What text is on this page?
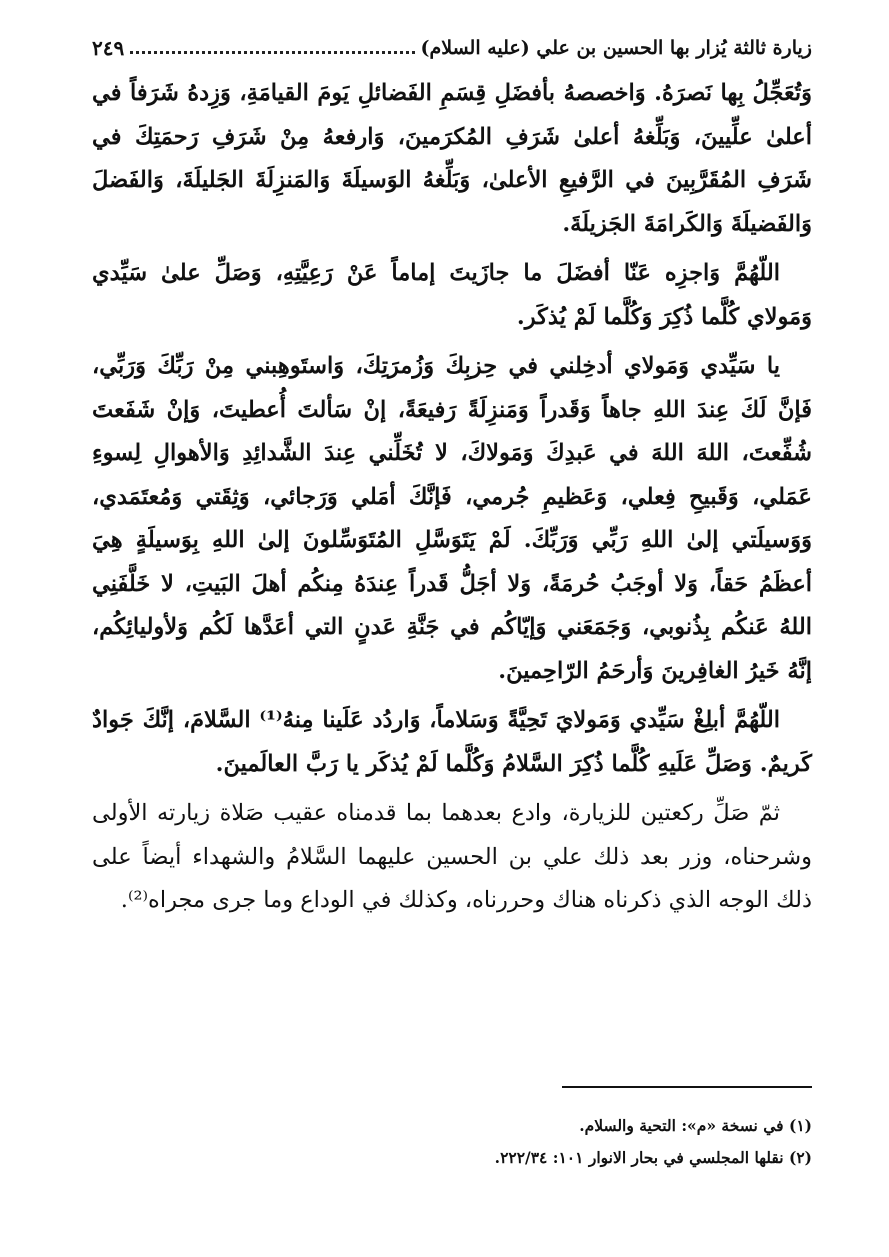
زيارة ثالثة يُزار بها الحسين بن علي (عليه السلام)
٢٤٩

وَتُعَجِّلُ بِها نَصرَهُ. وَاخصصهُ بأفضَلِ قِسَمِ الفَضائلِ يَومَ القيامَةِ، وَزِدهُ شَرَفاً في أعلىٰ علِّيينَ، وَبَلِّغهُ أعلىٰ شَرَفِ المُكرَمينَ، وَارفعهُ مِنْ شَرَفِ رَحمَتِكَ في شَرَفِ المُقَرَّبِينَ في الرَّفيعِ الأعلىٰ، وَبَلِّغهُ الوَسيلَةَ وَالمَنزِلَةَ الجَليلَةَ، وَالفَضلَ وَالفَضيلَةَ وَالكَرامَةَ الجَزيلَةَ.

اللّهُمَّ وَاجزِه عَنّا أفضَلَ ما جازَيتَ إماماً عَنْ رَعِيَّتِهِ، وَصَلِّ علىٰ سَيِّدي وَمَولاي كُلَّما ذُكِرَ وَكُلَّما لَمْ يُذكَر.

يا سَيِّدي وَمَولاي أدخِلني في حِزبِكَ وَزُمرَتِكَ، وَاستَوهِبني مِنْ رَبِّكَ وَرَبِّي، فَإنَّ لَكَ عِندَ اللهِ جاهاً وَقَدراً وَمَنزِلَةً رَفيعَةً، إنْ سَألتَ أُعطيتَ، وَإنْ شَفَعتَ شُفِّعتَ، اللهَ اللهَ في عَبدِكَ وَمَولاكَ، لا تُخَلِّني عِندَ الشَّدائِدِ وَالأهوالِ لِسوءِ عَمَلي، وَقَبيحِ فِعلي، وَعَظيمِ جُرمي، فَإنَّكَ أمَلي وَرَجائي، وَثِقَتي وَمُعتَمَدي، وَوَسيلَتي إلىٰ اللهِ رَبِّي وَرَبِّكَ. لَمْ يَتَوَسَّلِ المُتَوَسِّلونَ إلىٰ اللهِ بِوَسيلَةٍ هِيَ أعظَمُ حَقاً، وَلا أوجَبُ حُرمَةً، وَلا أجَلُّ قَدراً عِندَهُ مِنكُم أهلَ البَيتِ، لا خَلَّفَنِي اللهُ عَنكُم بِذُنوبي، وَجَمَعَني وَإيّاكُم في جَنَّةِ عَدنٍ التي أعَدَّها لَكُم وَلأوليائِكُم، إنَّهُ خَيرُ الغافِرينَ وَأرحَمُ الرّاحِمينَ.

اللّهُمَّ أبلِغْ سَيِّدي وَمَولايَ تَحِيَّةً وَسَلاماً، وَاردُد عَلَينا مِنهُ⁽¹⁾ السَّلامَ، إنَّكَ جَوادٌ كَريمٌ. وَصَلِّ عَلَيهِ كُلَّما ذُكِرَ السَّلامُ وَكُلَّما لَمْ يُذكَر يا رَبَّ العالَمينَ.

ثمّ صَلِّ ركعتين للزيارة، وادع بعدهما بما قدمناه عقيب صَلاة زيارته الأولى وشرحناه، وزر بعد ذلك علي بن الحسين عليهما السَّلامُ والشهداء أيضاً على ذلك الوجه الذي ذكرناه هناك وحررناه، وكذلك في الوداع وما جرى مجراه⁽²⁾.

(١) في نسخة «م»: التحية والسلام.
(٢) نقلها المجلسي في بحار الانوار ١٠١: ٢٢٢/٣٤.
